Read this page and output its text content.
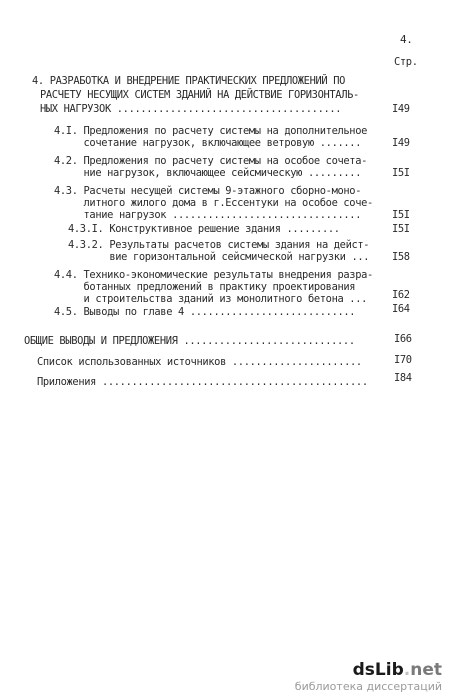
4.
Стр.
4. РАЗРАБОТКА И ВНЕДРЕНИЕ ПРАКТИЧЕСКИХ ПРЕДЛОЖЕНИЙ ПО
РАСЧЕТУ НЕСУЩИХ СИСТЕМ ЗДАНИЙ НА ДЕЙСТВИЕ ГОРИЗОНТАЛЬ-
НЫХ НАГРУЗОК ......................................	I49
4.I. Предложения по расчету системы на дополнительное
сочетание нагрузок, включающее ветровую .......	I49
4.2. Предложения по расчету системы на особое сочета-
ние нагрузок, включающее сейсмическую .........	I5I
4.3. Расчеты несущей системы 9-этажного сборно-моно-
литного жилого дома в г.Ессентуки на особое соче-
тание нагрузок ................................	I5I
4.3.I. Конструктивное решение здания .........	I5I
4.3.2. Результаты расчетов системы здания на дейст-
вие горизонтальной сейсмической нагрузки ... I58
4.4. Технико-экономические результаты внедрения разра-
ботанных предложений в практику проектирования
и строительства зданий из монолитного бетона ... I62
4.5. Выводы по главе 4 ............................	I64
ОБЩИЕ ВЫВОДЫ И ПРЕДЛОЖЕНИЯ .............................	I66
Список использованных источников ......................	I70
Приложения .............................................	I84
dsLib.net
библиотека диссертаций
